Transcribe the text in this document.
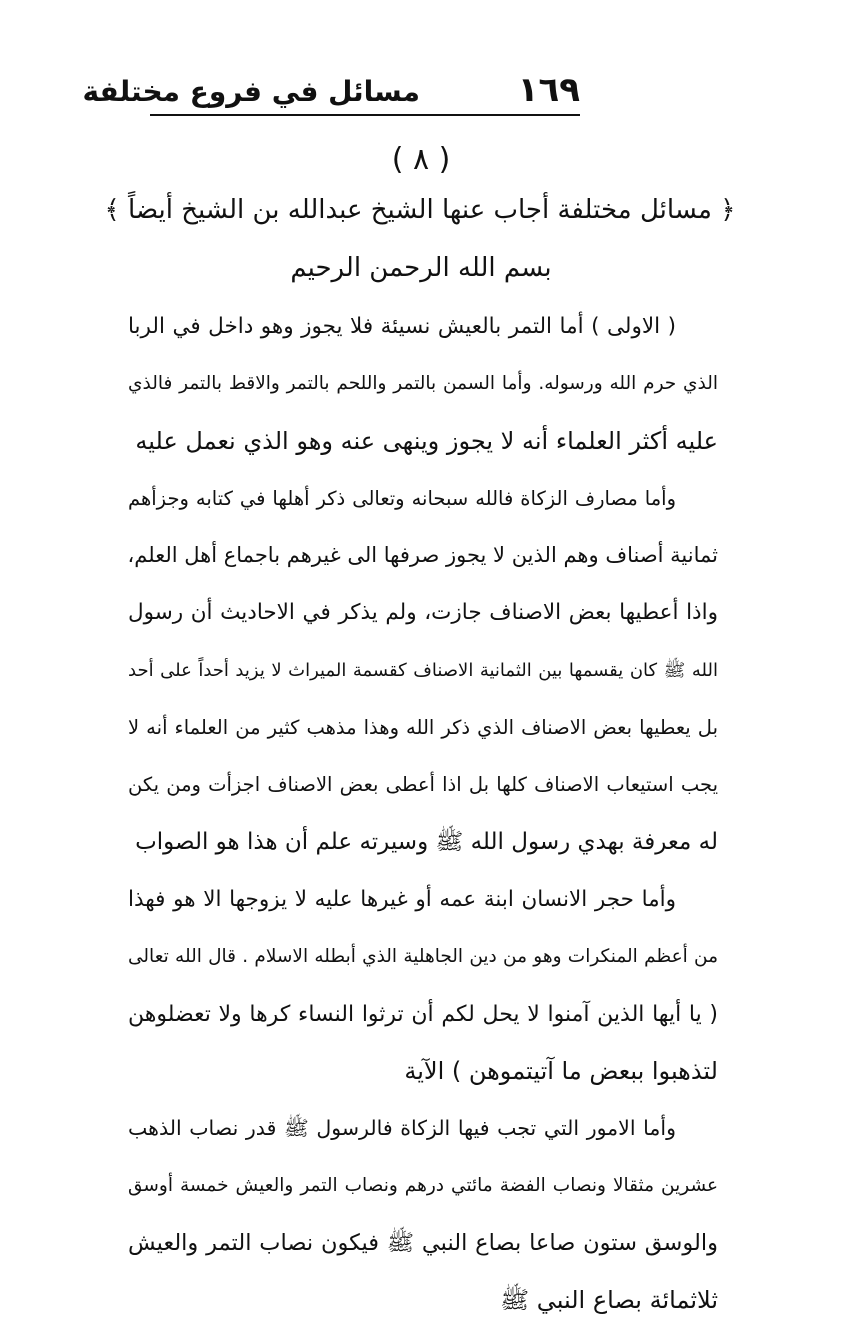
١٦٩
مسائل في فروع مختلفة
( ٨ )
﴿ مسائل مختلفة أجاب عنها الشيخ عبدالله بن الشيخ أيضاً ﴾
بسم الله الرحمن الرحيم
( الاولى ) أما التمر بالعيش نسيئة فلا يجوز وهو داخل في الربا
الذي حرم الله ورسوله. وأما السمن بالتمر واللحم بالتمر والاقط بالتمر فالذي
عليه أكثر العلماء أنه لا يجوز وينهى عنه وهو الذي نعمل عليه
وأما مصارف الزكاة فالله سبحانه وتعالى ذكر أهلها في كتابه وجزأهم
ثمانية أصناف وهم الذين لا يجوز صرفها الى غيرهم باجماع أهل العلم،
واذا أعطيها بعض الاصناف جازت، ولم يذكر في الاحاديث أن رسول
الله ﷺ كان يقسمها بين الثمانية الاصناف كقسمة الميراث لا يزيد أحداً على أحد
بل يعطيها بعض الاصناف الذي ذكر الله وهذا مذهب كثير من العلماء أنه لا
يجب استيعاب الاصناف كلها بل اذا أعطى بعض الاصناف اجزأت ومن يكن
له معرفة بهدي رسول الله ﷺ وسيرته علم أن هذا هو الصواب
وأما حجر الانسان ابنة عمه أو غيرها عليه لا يزوجها الا هو فهذا
من أعظم المنكرات وهو من دين الجاهلية الذي أبطله الاسلام . قال الله تعالى
( يا أيها الذين آمنوا لا يحل لكم أن ترثوا النساء كرها ولا تعضلوهن
لتذهبوا ببعض ما آتيتموهن ) الآية
وأما الامور التي تجب فيها الزكاة فالرسول ﷺ قدر نصاب الذهب
عشرين مثقالا ونصاب الفضة مائتي درهم ونصاب التمر والعيش خمسة أوسق
والوسق ستون صاعا بصاع النبي ﷺ فيكون نصاب التمر والعيش
ثلاثمائة بصاع النبي ﷺ
